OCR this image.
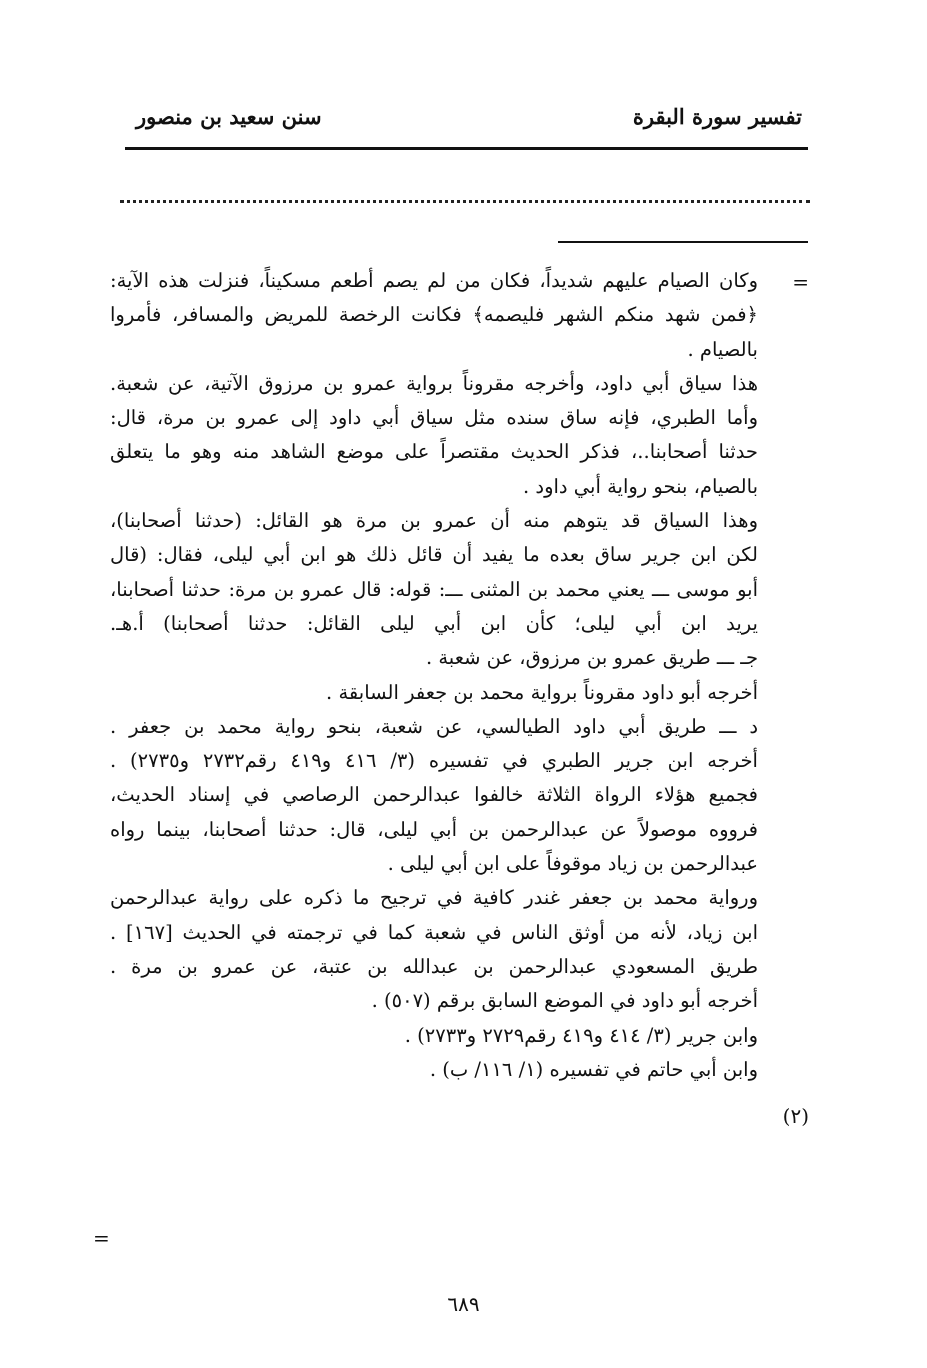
تفسير سورة البقرة
سنن سعيد بن منصور
=
(٢)
=
وكان الصيام عليهم شديداً، فكان من لم يصم أطعم مسكيناً، فنزلت هذه الآية:
﴿فمن شهد منكم الشهر فليصمه﴾ فكانت الرخصة للمريض والمسافر، فأمروا
بالصيام .
هذا سياق أبي داود، وأخرجه مقروناً برواية عمرو بن مرزوق الآتية، عن شعبة.
وأما الطبري، فإنه ساق سنده مثل سياق أبي داود إلى عمرو بن مرة، قال:
حدثنا أصحابنا..، فذكر الحديث مقتصراً على موضع الشاهد منه وهو ما يتعلق
بالصيام، بنحو رواية أبي داود .
وهذا السياق قد يتوهم منه أن عمرو بن مرة هو القائل: (حدثنا أصحابنا)،
لكن ابن جرير ساق بعده ما يفيد أن قائل ذلك هو ابن أبي ليلى، فقال: (قال
أبو موسى ـــ يعني محمد بن المثنى ـــ: قوله: قال عمرو بن مرة: حدثنا أصحابنا،
يريد ابن أبي ليلى؛ كأن ابن أبي ليلى القائل: حدثنا أصحابنا) أ.هـ.
جـ ـــ طريق عمرو بن مرزوق، عن شعبة .
أخرجه أبو داود مقروناً برواية محمد بن جعفر السابقة .
د ـــ طريق أبي داود الطيالسي، عن شعبة، بنحو رواية محمد بن جعفر .
أخرجه ابن جرير الطبري في تفسيره (٣/ ٤١٦ و٤١٩ رقم٢٧٣٢ و٢٧٣٥) .
فجميع هؤلاء الرواة الثلاثة خالفوا عبدالرحمن الرصاصي في إسناد الحديث،
فرووه موصولاً عن عبدالرحمن بن أبي ليلى، قال: حدثنا أصحابنا، بينما رواه
عبدالرحمن بن زياد موقوفاً على ابن أبي ليلى .
ورواية محمد بن جعفر غندر كافية في ترجيح ما ذكره على رواية عبدالرحمن
ابن زياد، لأنه من أوثق الناس في شعبة كما في ترجمته في الحديث [١٦٧] .
طريق المسعودي عبدالرحمن بن عبدالله بن عتبة، عن عمرو بن مرة .
أخرجه أبو داود في الموضع السابق برقم (٥٠٧) .
وابن جرير (٣/ ٤١٤ و٤١٩ رقم٢٧٢٩ و٢٧٣٣) .
وابن أبي حاتم في تفسيره (١/ ١١٦/ ب) .
٦٨٩
